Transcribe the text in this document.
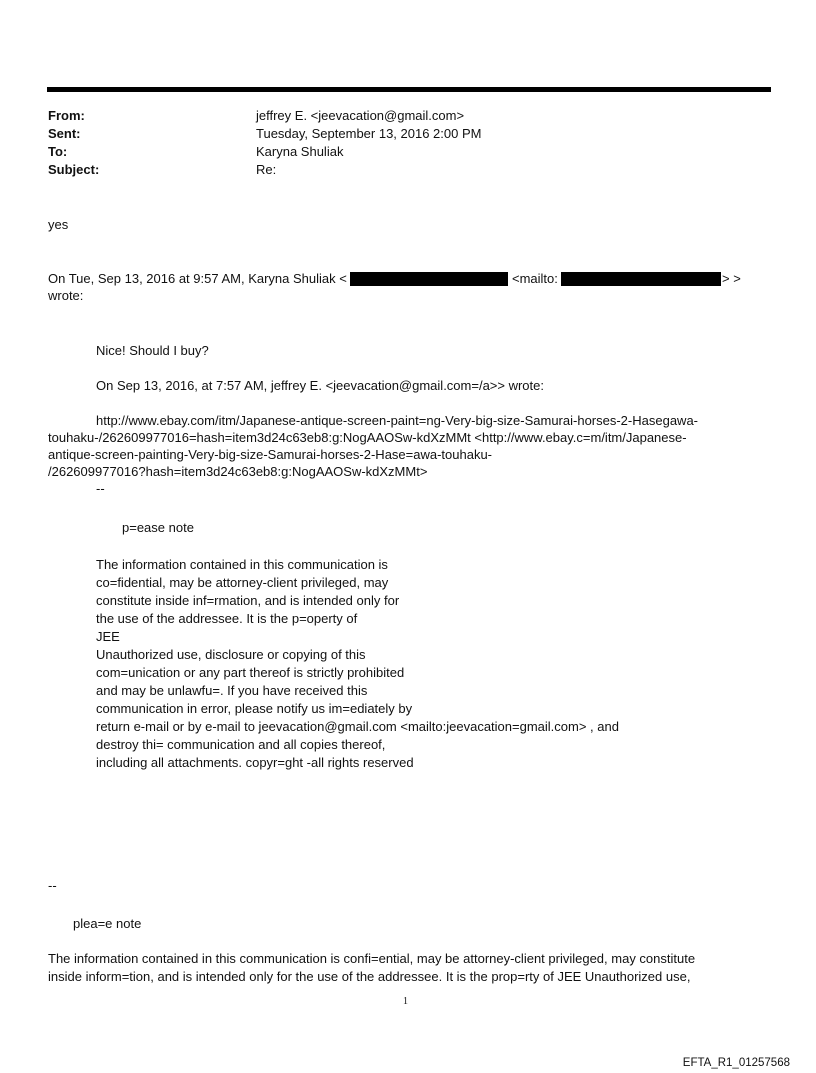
From:	jeffrey E. <jeevacation@gmail.com>
Sent:	Tuesday, September 13, 2016 2:00 PM
To:	Karyna Shuliak
Subject:	Re:
yes
On Tue, Sep 13, 2016 at 9:57 AM, Karyna Shuliak <	<mailto:	> >
wrote:
Nice! Should I buy?
On Sep 13, 2016, at 7:57 AM, jeffrey E. <jeevacation@gmail.com=/a>> wrote:
http://www.ebay.com/itm/Japanese-antique-screen-paint=ng-Very-big-size-Samurai-horses-2-Hasegawa-
touhaku-/262609977016=hash=item3d24c63eb8:g:NogAAOSw-kdXzMMt <http://www.ebay.c=m/itm/Japanese-
antique-screen-painting-Very-big-size-Samurai-horses-2-Hase=awa-touhaku-
/262609977016?hash=item3d24c63eb8:g:NogAAOSw-kdXzMMt>
--
p=ease note
The information contained in this communication is
co=fidential, may be attorney-client privileged, may
constitute inside inf=rmation, and is intended only for
the use of the addressee. It is the p=operty of
JEE
Unauthorized use, disclosure or copying of this
com=unication or any part thereof is strictly prohibited
and may be unlawfu=. If you have received this
communication in error, please notify us im=ediately by
return e-mail or by e-mail to jeevacation@gmail.com <mailto:jeevacation=gmail.com> , and
destroy thi= communication and all copies thereof,
including all attachments. copyr=ght -all rights reserved
--
plea=e note
The information contained in this communication is confi=ential, may be attorney-client privileged, may constitute
inside inform=tion, and is intended only for the use of the addressee. It is the prop=rty of JEE Unauthorized use,
1
EFTA_R1_01257568
